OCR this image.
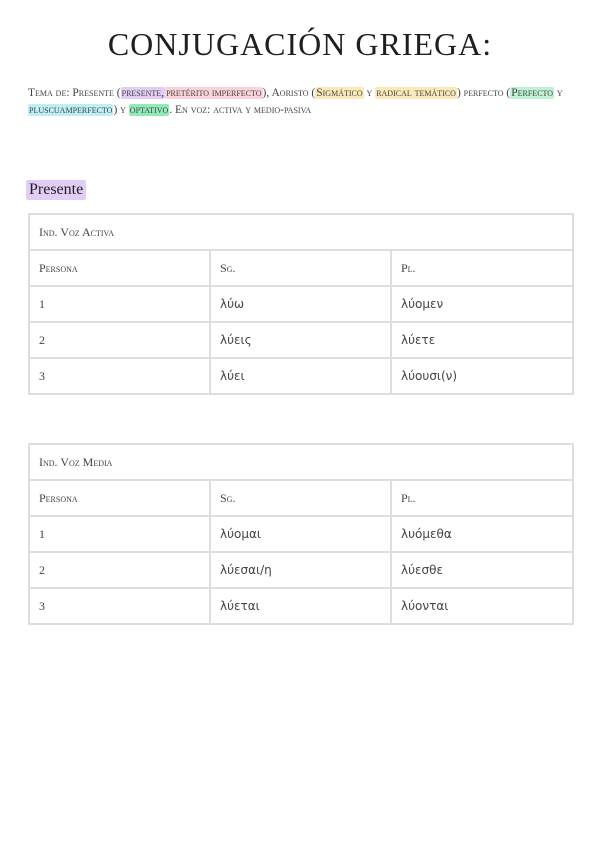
CONJUGACIÓN GRIEGA:
Tema de: Presente (presente, pretérito imperfecto), Aoristo (Sigmático y radical temático) perfecto (Perfecto y pluscuamperfecto) y optativo. En voz: activa y medio-pasiva
Presente
Ind. Voz Activa		
Persona	Sg.	Pl.
1	λύω	λύομεν
2	λύεις	λύετε
3	λύει	λύουσι(ν)
Ind. Voz Media		
Persona	Sg.	Pl.
1	λύομαι	λυόμεθα
2	λύεσαι/η	λύεσθε
3	λύεται	λύονται
